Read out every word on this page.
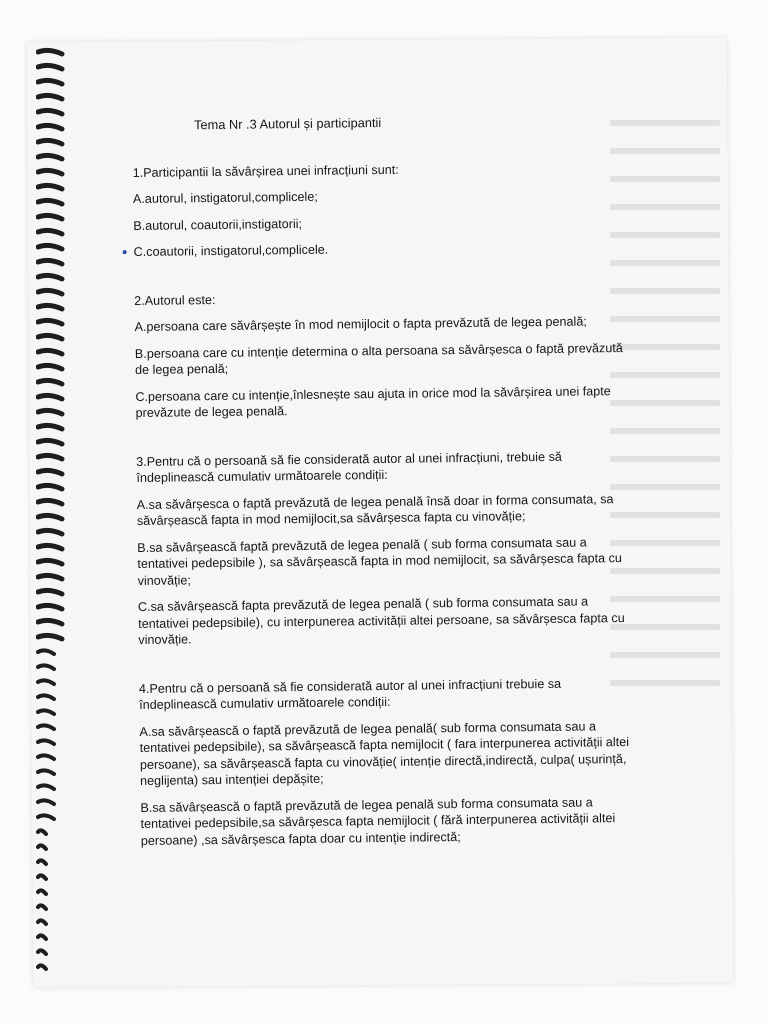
Tema Nr .3 Autorul și participantii
1.Participantii la săvârșirea unei infracțiuni sunt:
A.autorul, instigatorul,complicele;
B.autorul, coautorii,instigatorii;
C.coautorii, instigatorul,complicele.
2.Autorul este:
A.persoana care săvârșește în mod nemijlocit o fapta prevăzută de legea penală;
B.persoana care cu intenție determina o alta persoana sa săvârșesca o faptă prevăzută de legea penală;
C.persoana care cu intenție,înlesnește sau ajuta in orice mod la săvârșirea unei fapte prevăzute de legea penală.
3.Pentru că o persoană să fie considerată autor al unei infracțiuni, trebuie să îndeplinească cumulativ următoarele condiții:
A.sa săvârșesca o faptă prevăzută de legea penală însă doar in forma consumata, sa săvârșească fapta in mod nemijlocit,sa săvârșesca fapta cu vinovăție;
B.sa săvârșească faptă prevăzută de legea penală ( sub forma consumata sau a tentativei pedepsibile ), sa săvârșească fapta in mod nemijlocit, sa săvârșesca fapta cu vinovăție;
C.sa săvârșească fapta prevăzută de legea penală ( sub forma consumata sau a tentativei pedepsibile), cu interpunerea activității altei persoane, sa săvârșesca fapta cu vinovăție.
4.Pentru că o persoană să fie considerată autor al unei infracțiuni trebuie sa îndeplinească cumulativ următoarele condiții:
A.sa săvârșească o faptă prevăzută de legea penală( sub forma consumata sau a tentativei pedepsibile), sa săvârșească fapta nemijlocit ( fara interpunerea activității altei persoane), sa săvârșească fapta cu vinovăție( intenție directă,indirectă, culpa( ușurință, neglijenta) sau intenției depășite;
B.sa săvârșească o faptă prevăzută de legea penală sub forma consumata sau a tentativei pedepsibile,sa săvârșesca fapta nemijlocit ( fără interpunerea activității altei persoane) ,sa săvârșesca fapta doar cu intenție indirectă;
